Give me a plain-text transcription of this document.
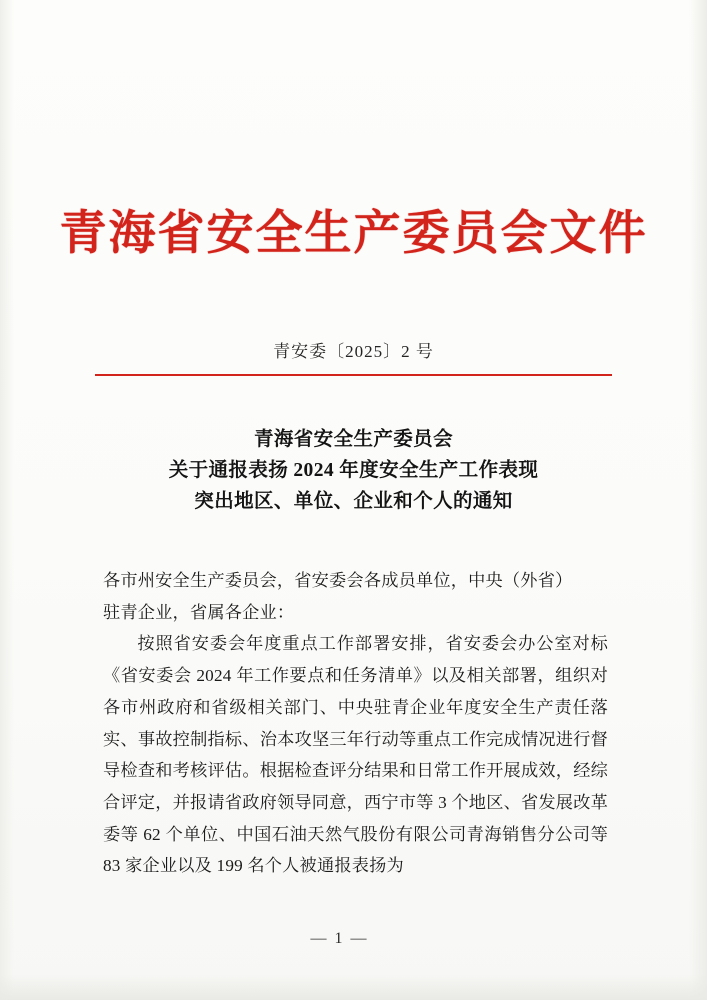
青海省安全生产委员会文件
青安委〔2025〕2 号
青海省安全生产委员会
关于通报表扬 2024 年度安全生产工作表现
突出地区、单位、企业和个人的通知

各市州安全生产委员会，省安委会各成员单位，中央（外省）

驻青企业，省属各企业：

按照省安委会年度重点工作部署安排，省安委会办公室对标《省安委会 2024 年工作要点和任务清单》以及相关部署，组织对各市州政府和省级相关部门、中央驻青企业年度安全生产责任落实、事故控制指标、治本攻坚三年行动等重点工作完成情况进行督导检查和考核评估。根据检查评分结果和日常工作开展成效，经综合评定，并报请省政府领导同意，西宁市等 3 个地区、省发展改革委等 62 个单位、中国石油天然气股份有限公司青海销售分公司等 83 家企业以及 199 名个人被通报表扬为

— 1 —
